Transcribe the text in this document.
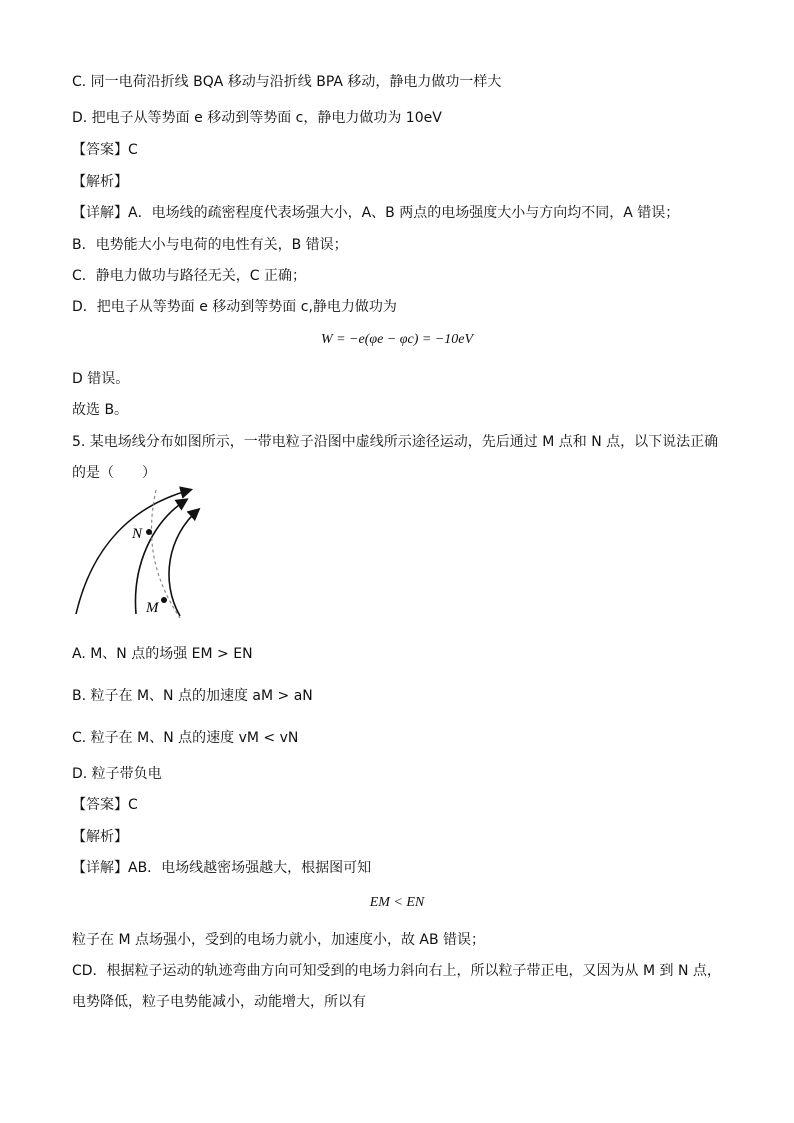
C. 同一电荷沿折线 BQA 移动与沿折线 BPA 移动，静电力做功一样大
D. 把电子从等势面 e 移动到等势面 c，静电力做功为 10eV
【答案】C
【解析】
【详解】A．电场线的疏密程度代表场强大小，A、B 两点的电场强度大小与方向均不同，A 错误；
B．电势能大小与电荷的电性有关，B 错误；
C．静电力做功与路径无关，C 正确；
D．把电子从等势面 e 移动到等势面 c,静电力做功为
W = −e(φe − φc) = −10eV
D 错误。
故选 B。
5. 某电场线分布如图所示，一带电粒子沿图中虚线所示途径运动，先后通过 M 点和 N 点，以下说法正确
的是（　　）
N
M
A. M、N 点的场强 EM > EN
B. 粒子在 M、N 点的加速度 aM > aN
C. 粒子在 M、N 点的速度 vM < vN
D. 粒子带负电
【答案】C
【解析】
【详解】AB．电场线越密场强越大，根据图可知
EM < EN
粒子在 M 点场强小，受到的电场力就小，加速度小，故 AB 错误；
CD．根据粒子运动的轨迹弯曲方向可知受到的电场力斜向右上，所以粒子带正电，又因为从 M 到 N 点，
电势降低，粒子电势能减小，动能增大，所以有
